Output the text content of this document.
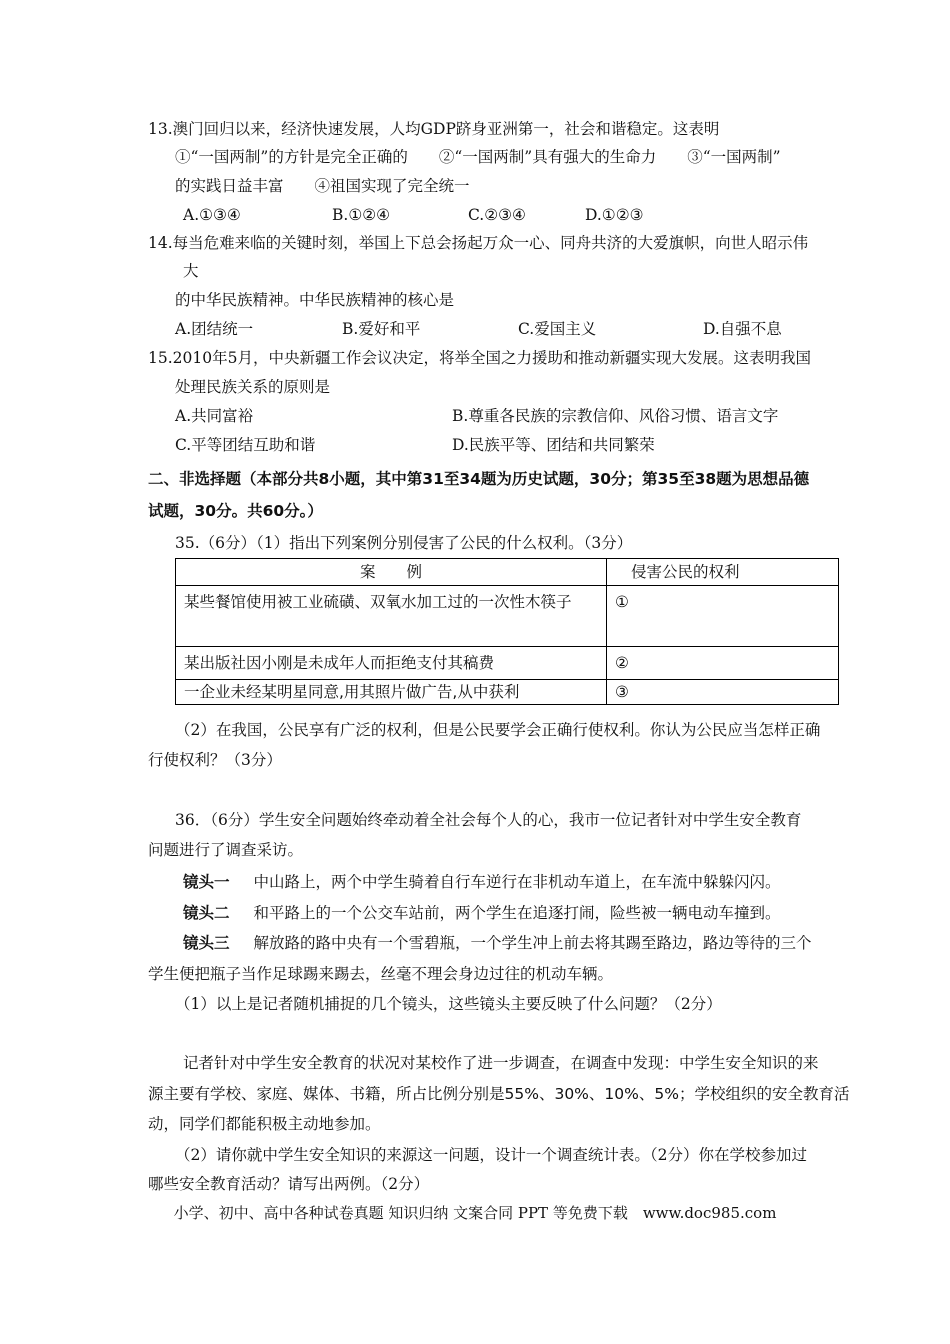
13.澳门回归以来，经济快速发展，人均GDP跻身亚洲第一，社会和谐稳定。这表明
①“一国两制”的方针是完全正确的　　②“一国两制”具有强大的生命力　　③“一国两制”
的实践日益丰富　　④祖国实现了完全统一
A.①③④	B.①②④	C.②③④	D.①②③
14.每当危难来临的关键时刻，举国上下总会扬起万众一心、同舟共济的大爱旗帜，向世人昭示伟
大
的中华民族精神。中华民族精神的核心是
A.团结统一	B.爱好和平	C.爱国主义	D.自强不息
15.2010年5月，中央新疆工作会议决定，将举全国之力援助和推动新疆实现大发展。这表明我国
处理民族关系的原则是
A.共同富裕	B.尊重各民族的宗教信仰、风俗习惯、语言文字
C.平等团结互助和谐	D.民族平等、团结和共同繁荣
二、非选择题（本部分共8小题，其中第31至34题为历史试题，30分；第35至38题为思想品德
试题，30分。共60分。）
35.（6分）（1）指出下列案例分别侵害了公民的什么权利。（3分）
案　　例	侵害公民的权利
某些餐馆使用被工业硫磺、双氧水加工过的一次性木筷子	①
某出版社因小刚是未成年人而拒绝支付其稿费	②
一企业未经某明星同意,用其照片做广告,从中获利	③
（2）在我国，公民享有广泛的权利，但是公民要学会正确行使权利。你认为公民应当怎样正确
行使权利？（3分）
36．（6分）学生安全问题始终牵动着全社会每个人的心，我市一位记者针对中学生安全教育
问题进行了调查采访。
镜头一 中山路上，两个中学生骑着自行车逆行在非机动车道上，在车流中躲躲闪闪。
镜头二 和平路上的一个公交车站前，两个学生在追逐打闹，险些被一辆电动车撞到。
镜头三 解放路的路中央有一个雪碧瓶，一个学生冲上前去将其踢至路边，路边等待的三个
学生便把瓶子当作足球踢来踢去，丝毫不理会身边过往的机动车辆。
（1）以上是记者随机捕捉的几个镜头，这些镜头主要反映了什么问题？（2分）
记者针对中学生安全教育的状况对某校作了进一步调查，在调查中发现：中学生安全知识的来
源主要有学校、家庭、媒体、书籍，所占比例分别是55%、30%、10%、5%；学校组织的安全教育活
动，同学们都能积极主动地参加。
（2）请你就中学生安全知识的来源这一问题，设计一个调查统计表。（2分）你在学校参加过
哪些安全教育活动？请写出两例。（2分）
小学、初中、高中各种试卷真题 知识归纳 文案合同 PPT 等免费下载　www.doc985.com
